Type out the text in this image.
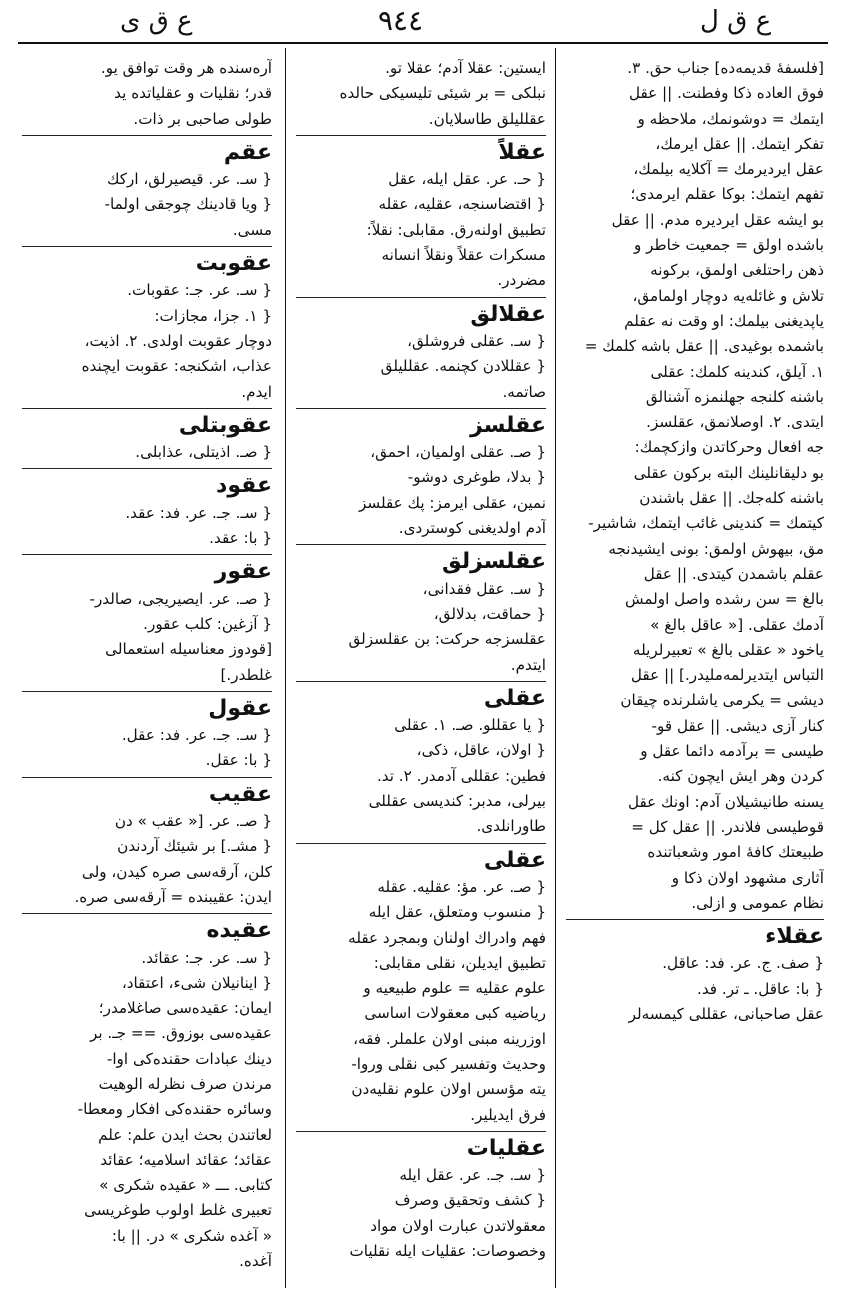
ع ق ى	٩٤٤	ع ق ل
[فلسفهٔ قدیمه‌ده] جناب حق. ۳.
فوق العاده ذکا وفطنت. || عقل
ایتمك = دوشونمك، ملاحظه و
تفکر ایتمك. || عقل ایرمك،
عقل ایردیرمك = آکلایه بیلمك،
تفهم ایتمك: بوکا عقلم ایرمدی؛
بو ایشه عقل ایردیره مدم. || عقل
باشده اولق = جمعیت خاطر و
ذهن راحتلغی اولمق، برکونه
تلاش و غائله‌یه دوچار اولمامق،
یاپدیغنی بیلمك: او وقت نه عقلم
باشمده بوغیدی. || عقل باشه کلمك =
۱. آیلق، کندینه کلمك: عقلی
باشنه کلنجه جهلنمزه آشنالق
ایتدی. ۲. اوصلانمق، عقلسز.
جه افعال وحرکاتدن وازکچمك:
بو دلیقانلینك البته برکون عقلی
باشنه کله‌جك. || عقل باشندن
کیتمك = کندینی غائب ایتمك، شاشیر-
مق، بیهوش اولمق: بونی ایشیدنجه
عقلم باشمدن کیتدی. || عقل
بالغ = سن رشده واصل اولمش
آدمك عقلی. [« عاقل بالغ »
یاخود « عقلی بالغ » تعبیرلریله
التباس ایتدیرلمه‌ملیدر.] || عقل
دیشی = یکرمی یاشلرنده چیقان
کنار آزی دیشی. || عقل قو-
طیسی = برآدمه دائما عقل و
کردن وهر ایش ایچون کنه.
یسنه طانیشیلان آدم: اونك عقل
قوطیسی فلاندر. || عقل کل =
طبیعتك کافهٔ امور وشعباتنده
آثاری مشهود اولان ذکا و
نظام عمومی و ازلی.
عقلاء
{ صف. ج. عر. فد: عاقل.
{ با: عاقل. ـ تر. فد.
عقل صاحبانی، عقللی کیمسه‌لر
ایستین: عقلا آدم؛ عقلا تو.
نبلکی = بر شیئی تلیسیکی حالده
عقللیلق طاسلایان.
عقلاً
{ حـ. عر. عقل ایله، عقل
{ اقتضاسنجه، عقلیه، عقله
تطبیق اولنه‌رق. مقابلی: نقلاً:
مسکرات عقلاً ونقلاً انسانه
مضردر.
عقلالق
{ سـ. عقلی فروشلق،
{ عقللادن کچنمه. عقللیلق
صاتمه.
عقلسز
{ صـ. عقلی اولمیان، احمق،
{ بدلا، طوغری دوشو-
نمین، عقلی ایرمز: پك عقلسز
آدم اولدیغنی کوستردی.
عقلسزلق
{ سـ. عقل فقدانی،
{ حماقت، بدلالق،
عقلسزجه حرکت: بن عقلسزلق
ایتدم.
عقلی
{ یا عقللو. صـ. ۱. عقلی
{ اولان، عاقل، ذکی،
فطین: عقللی آدمدر. ۲. تد.
بیرلی، مدبر: کندیسی عقللی
طاورانلدی.
عقلی
{ صـ. عر. مؤ: عقلیه. عقله
{ منسوب ومتعلق، عقل ایله
فهم وادراك اولنان وبمجرد عقله
تطبیق ایدیلن، نقلی مقابلی:
علوم عقلیه = علوم طبیعیه و
ریاضیه کبی معقولات اساسی
اوزرینه مبنی اولان علملر. فقه،
وحدیث وتفسیر کبی نقلی وروا-
یته مؤسس اولان علوم نقلیه‌دن
فرق ایدیلیر.
عقلیات
{ سـ. جـ. عر. عقل ایله
{ کشف وتحقیق وصرف
معقولاتدن عبارت اولان مواد
وخصوصات: عقلیات ایله نقلیات
آره‌سنده هر وقت توافق یو.
قدر؛ نقلیات و عقلیاتده ید
طولی صاحبی بر ذات.
عقم
{ سـ. عر. قیصیرلق، ارکك
{ ویا قادینك چوجقی اولما-
مسی.
عقوبت
{ سـ. عر. جـ: عقوبات.
{ ۱. جزا، مجازات:
دوچار عقوبت اولدی. ۲. اذیت،
عذاب، اشکنجه: عقوبت ایچنده
ایدم.
عقوبتلی
{ صـ. اذیتلی، عذابلی.
عقود
{ سـ. جـ. عر. فد: عقد.
{ با: عقد.
عقور
{ صـ. عر. ایصیریجی، صالدر-
{ آزغین: کلب عقور.
[قودوز معناسیله استعمالی
غلطدر.]
عقول
{ سـ. جـ. عر. فد: عقل.
{ با: عقل.
عقیب
{ صـ. عر. [« عقب » دن
{ مشـ.] بر شیئك آردندن
کلن، آرقه‌سی صره کیدن، ولی
ایدن: عقیبنده = آرقه‌سی صره.
عقیده
{ سـ. عر. جـ: عقائد.
{ اینانیلان شیء، اعتقاد،
ایمان: عقیده‌سی صاغلامدر؛
عقیده‌سی بوزوق. == جـ. بر
دینك عبادات حقنده‌کی اوا-
مرندن صرف نظرله الوهیت
وسائره حقنده‌کی افکار ومعطا-
لعاتندن بحث ایدن علم: علم
عقائد؛ عقائد اسلامیه؛ عقائد
کتابی. ـــ « عقیده شکری »
تعبیری غلط اولوب طوغریسی
« آغده شکری » در. || با:
آغده.
